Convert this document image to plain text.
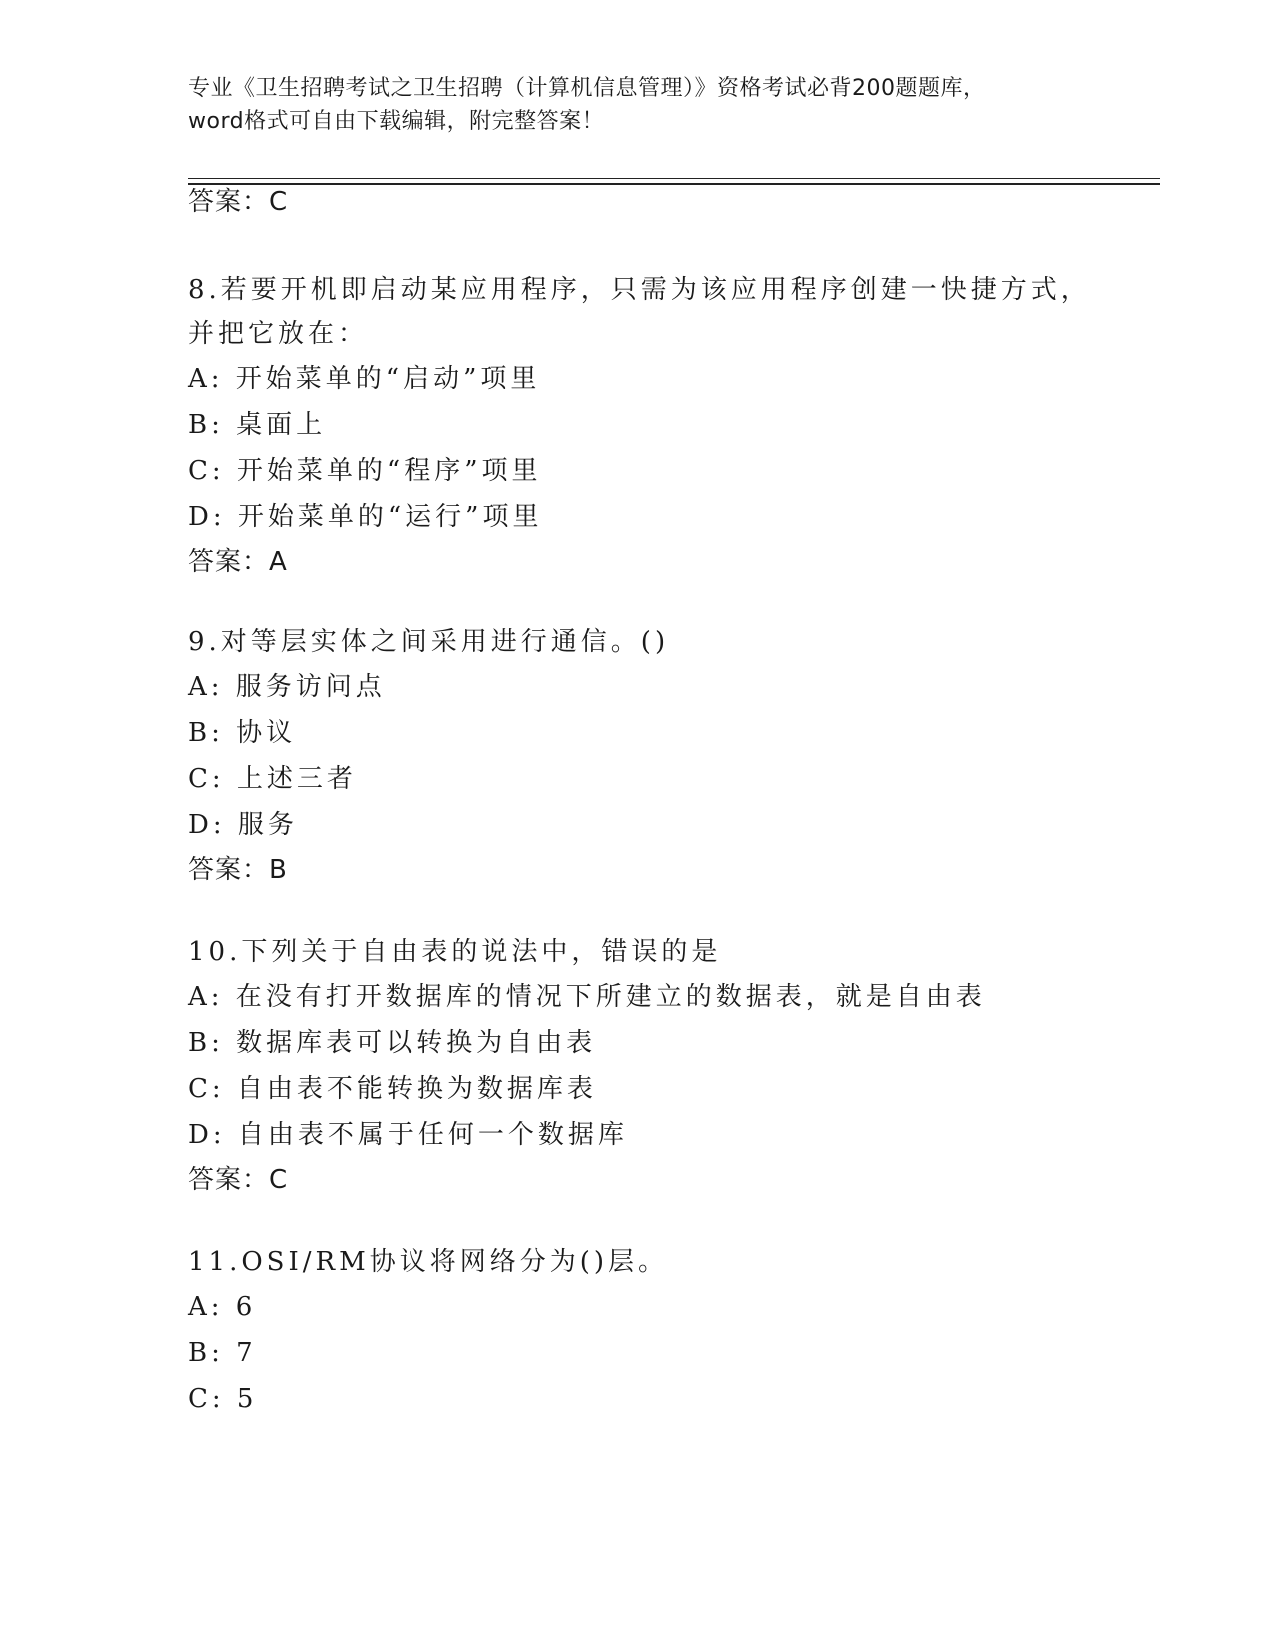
专业《卫生招聘考试之卫生招聘（计算机信息管理）》资格考试必背200题题库，
word格式可自由下载编辑，附完整答案！
答案：C
8.若要开机即启动某应用程序，只需为该应用程序创建一快捷方式，
并把它放在：
A: 开始菜单的“启动”项里
B: 桌面上
C: 开始菜单的“程序”项里
D: 开始菜单的“运行”项里
答案：A
9.对等层实体之间采用进行通信。()
A: 服务访问点
B: 协议
C: 上述三者
D: 服务
答案：B
10.下列关于自由表的说法中，错误的是
A: 在没有打开数据库的情况下所建立的数据表，就是自由表
B: 数据库表可以转换为自由表
C: 自由表不能转换为数据库表
D: 自由表不属于任何一个数据库
答案：C
11.OSI/RM协议将网络分为()层。
A: 6
B: 7
C: 5
